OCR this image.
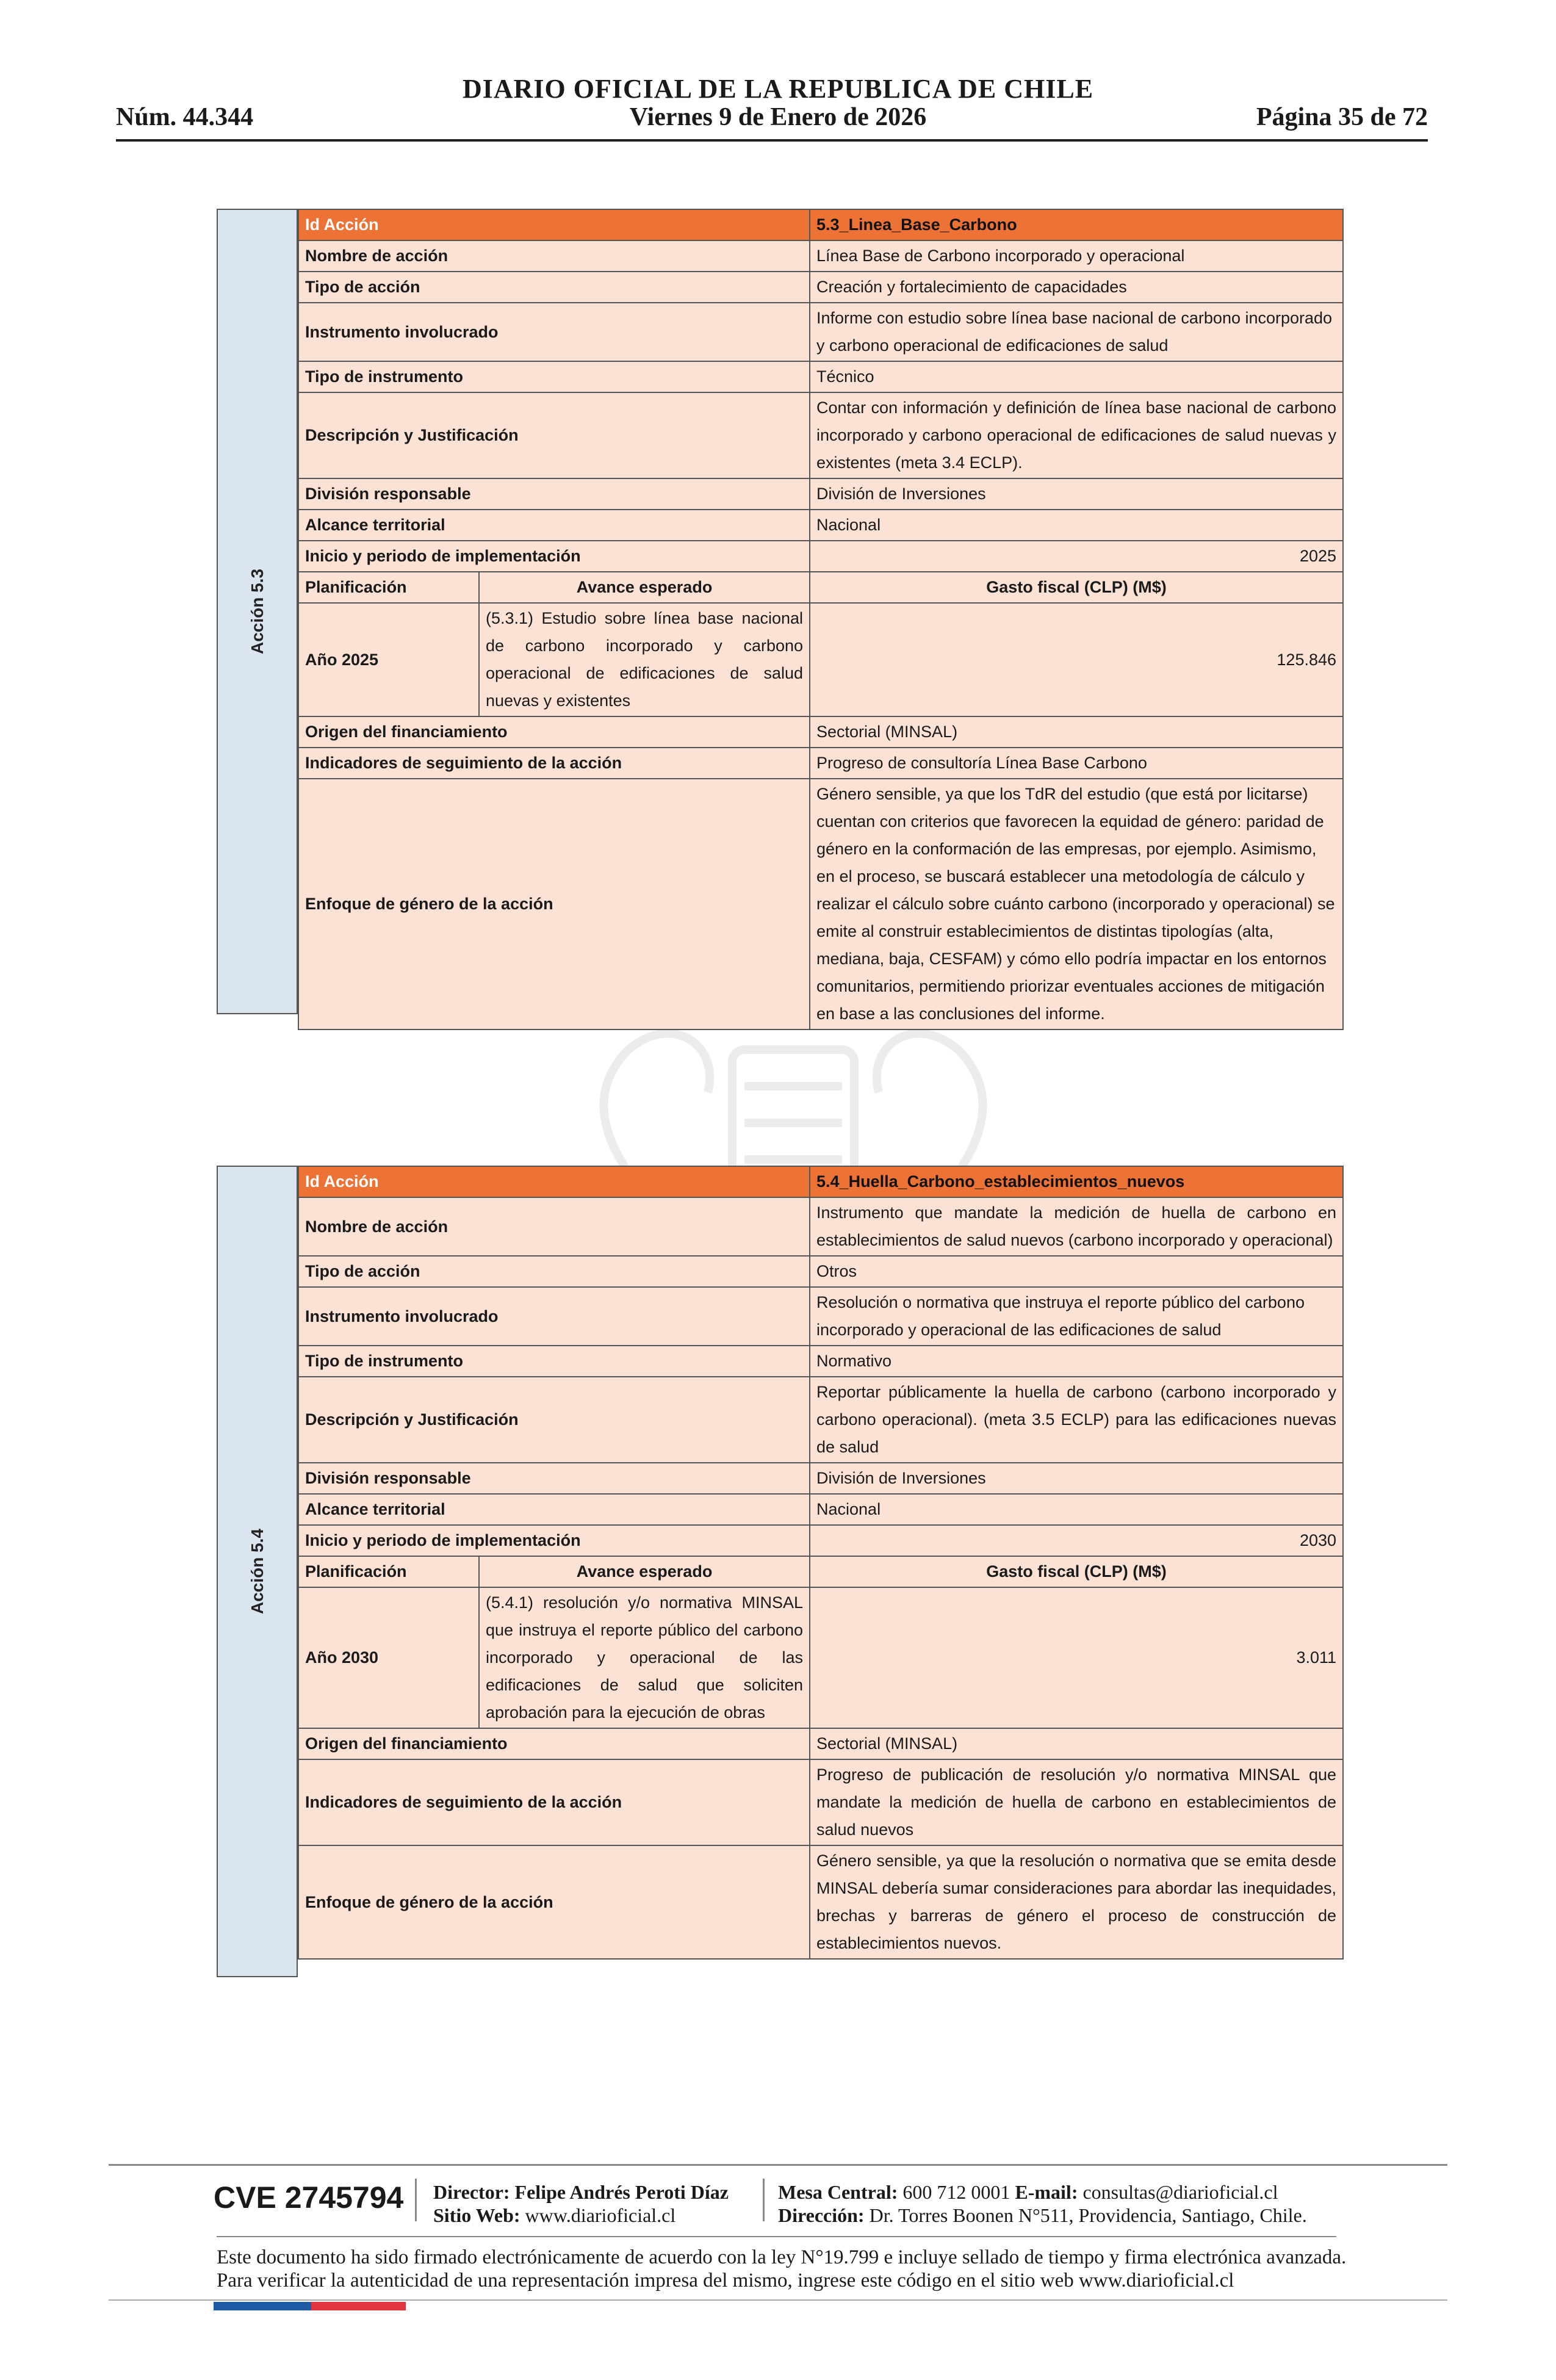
DIARIO OFICIAL DE LA REPUBLICA DE CHILE
Núm. 44.344	Viernes 9 de Enero de 2026	Página 35 de 72
Acción 5.3
Id Acción		5.3_Linea_Base_Carbono
Nombre de acción		Línea Base de Carbono incorporado y operacional
Tipo de acción		Creación y fortalecimiento de capacidades
Instrumento involucrado		Informe con estudio sobre línea base nacional de carbono incorporado y carbono operacional de edificaciones de salud
Tipo de instrumento		Técnico
Descripción y Justificación		Contar con información y definición de línea base nacional de carbono incorporado y carbono operacional de edificaciones de salud nuevas y existentes (meta 3.4 ECLP).
División responsable		División de Inversiones
Alcance territorial		Nacional
Inicio y periodo de implementación		2025
Planificación	Avance esperado	Gasto fiscal (CLP) (M$)
Año 2025	(5.3.1) Estudio sobre línea base nacional de carbono incorporado y carbono operacional de edificaciones de salud nuevas y existentes	125.846
Origen del financiamiento		Sectorial (MINSAL)
Indicadores de seguimiento de la acción		Progreso de consultoría Línea Base Carbono
Enfoque de género de la acción		Género sensible, ya que los TdR del estudio (que está por licitarse) cuentan con criterios que favorecen la equidad de género: paridad de género en la conformación de las empresas, por ejemplo. Asimismo, en el proceso, se buscará establecer una metodología de cálculo y realizar el cálculo sobre cuánto carbono (incorporado y operacional) se emite al construir establecimientos de distintas tipologías (alta, mediana, baja, CESFAM) y cómo ello podría impactar en los entornos comunitarios, permitiendo priorizar eventuales acciones de mitigación en base a las conclusiones del informe.
Acción 5.4
Id Acción		5.4_Huella_Carbono_establecimientos_nuevos
Nombre de acción		Instrumento que mandate la medición de huella de carbono en establecimientos de salud nuevos (carbono incorporado y operacional)
Tipo de acción		Otros
Instrumento involucrado		Resolución o normativa que instruya el reporte público del carbono incorporado y operacional de las edificaciones de salud
Tipo de instrumento		Normativo
Descripción y Justificación		Reportar públicamente la huella de carbono (carbono incorporado y carbono operacional). (meta 3.5 ECLP) para las edificaciones nuevas de salud
División responsable		División de Inversiones
Alcance territorial		Nacional
Inicio y periodo de implementación		2030
Planificación	Avance esperado	Gasto fiscal (CLP) (M$)
Año 2030	(5.4.1) resolución y/o normativa MINSAL que instruya el reporte público del carbono incorporado y operacional de las edificaciones de salud que soliciten aprobación para la ejecución de obras	3.011
Origen del financiamiento		Sectorial (MINSAL)
Indicadores de seguimiento de la acción		Progreso de publicación de resolución y/o normativa MINSAL que mandate la medición de huella de carbono en establecimientos de salud nuevos
Enfoque de género de la acción		Género sensible, ya que la resolución o normativa que se emita desde MINSAL debería sumar consideraciones para abordar las inequidades, brechas y barreras de género el proceso de construcción de establecimientos nuevos.
CVE 2745794 Director: Felipe Andrés Peroti Díaz
Sitio Web: www.diarioficial.cl
Mesa Central: 600 712 0001 E-mail: consultas@diarioficial.cl
Dirección: Dr. Torres Boonen N°511, Providencia, Santiago, Chile.
Este documento ha sido firmado electrónicamente de acuerdo con la ley N°19.799 e incluye sellado de tiempo y firma electrónica avanzada. Para verificar la autenticidad de una representación impresa del mismo, ingrese este código en el sitio web www.diarioficial.cl
